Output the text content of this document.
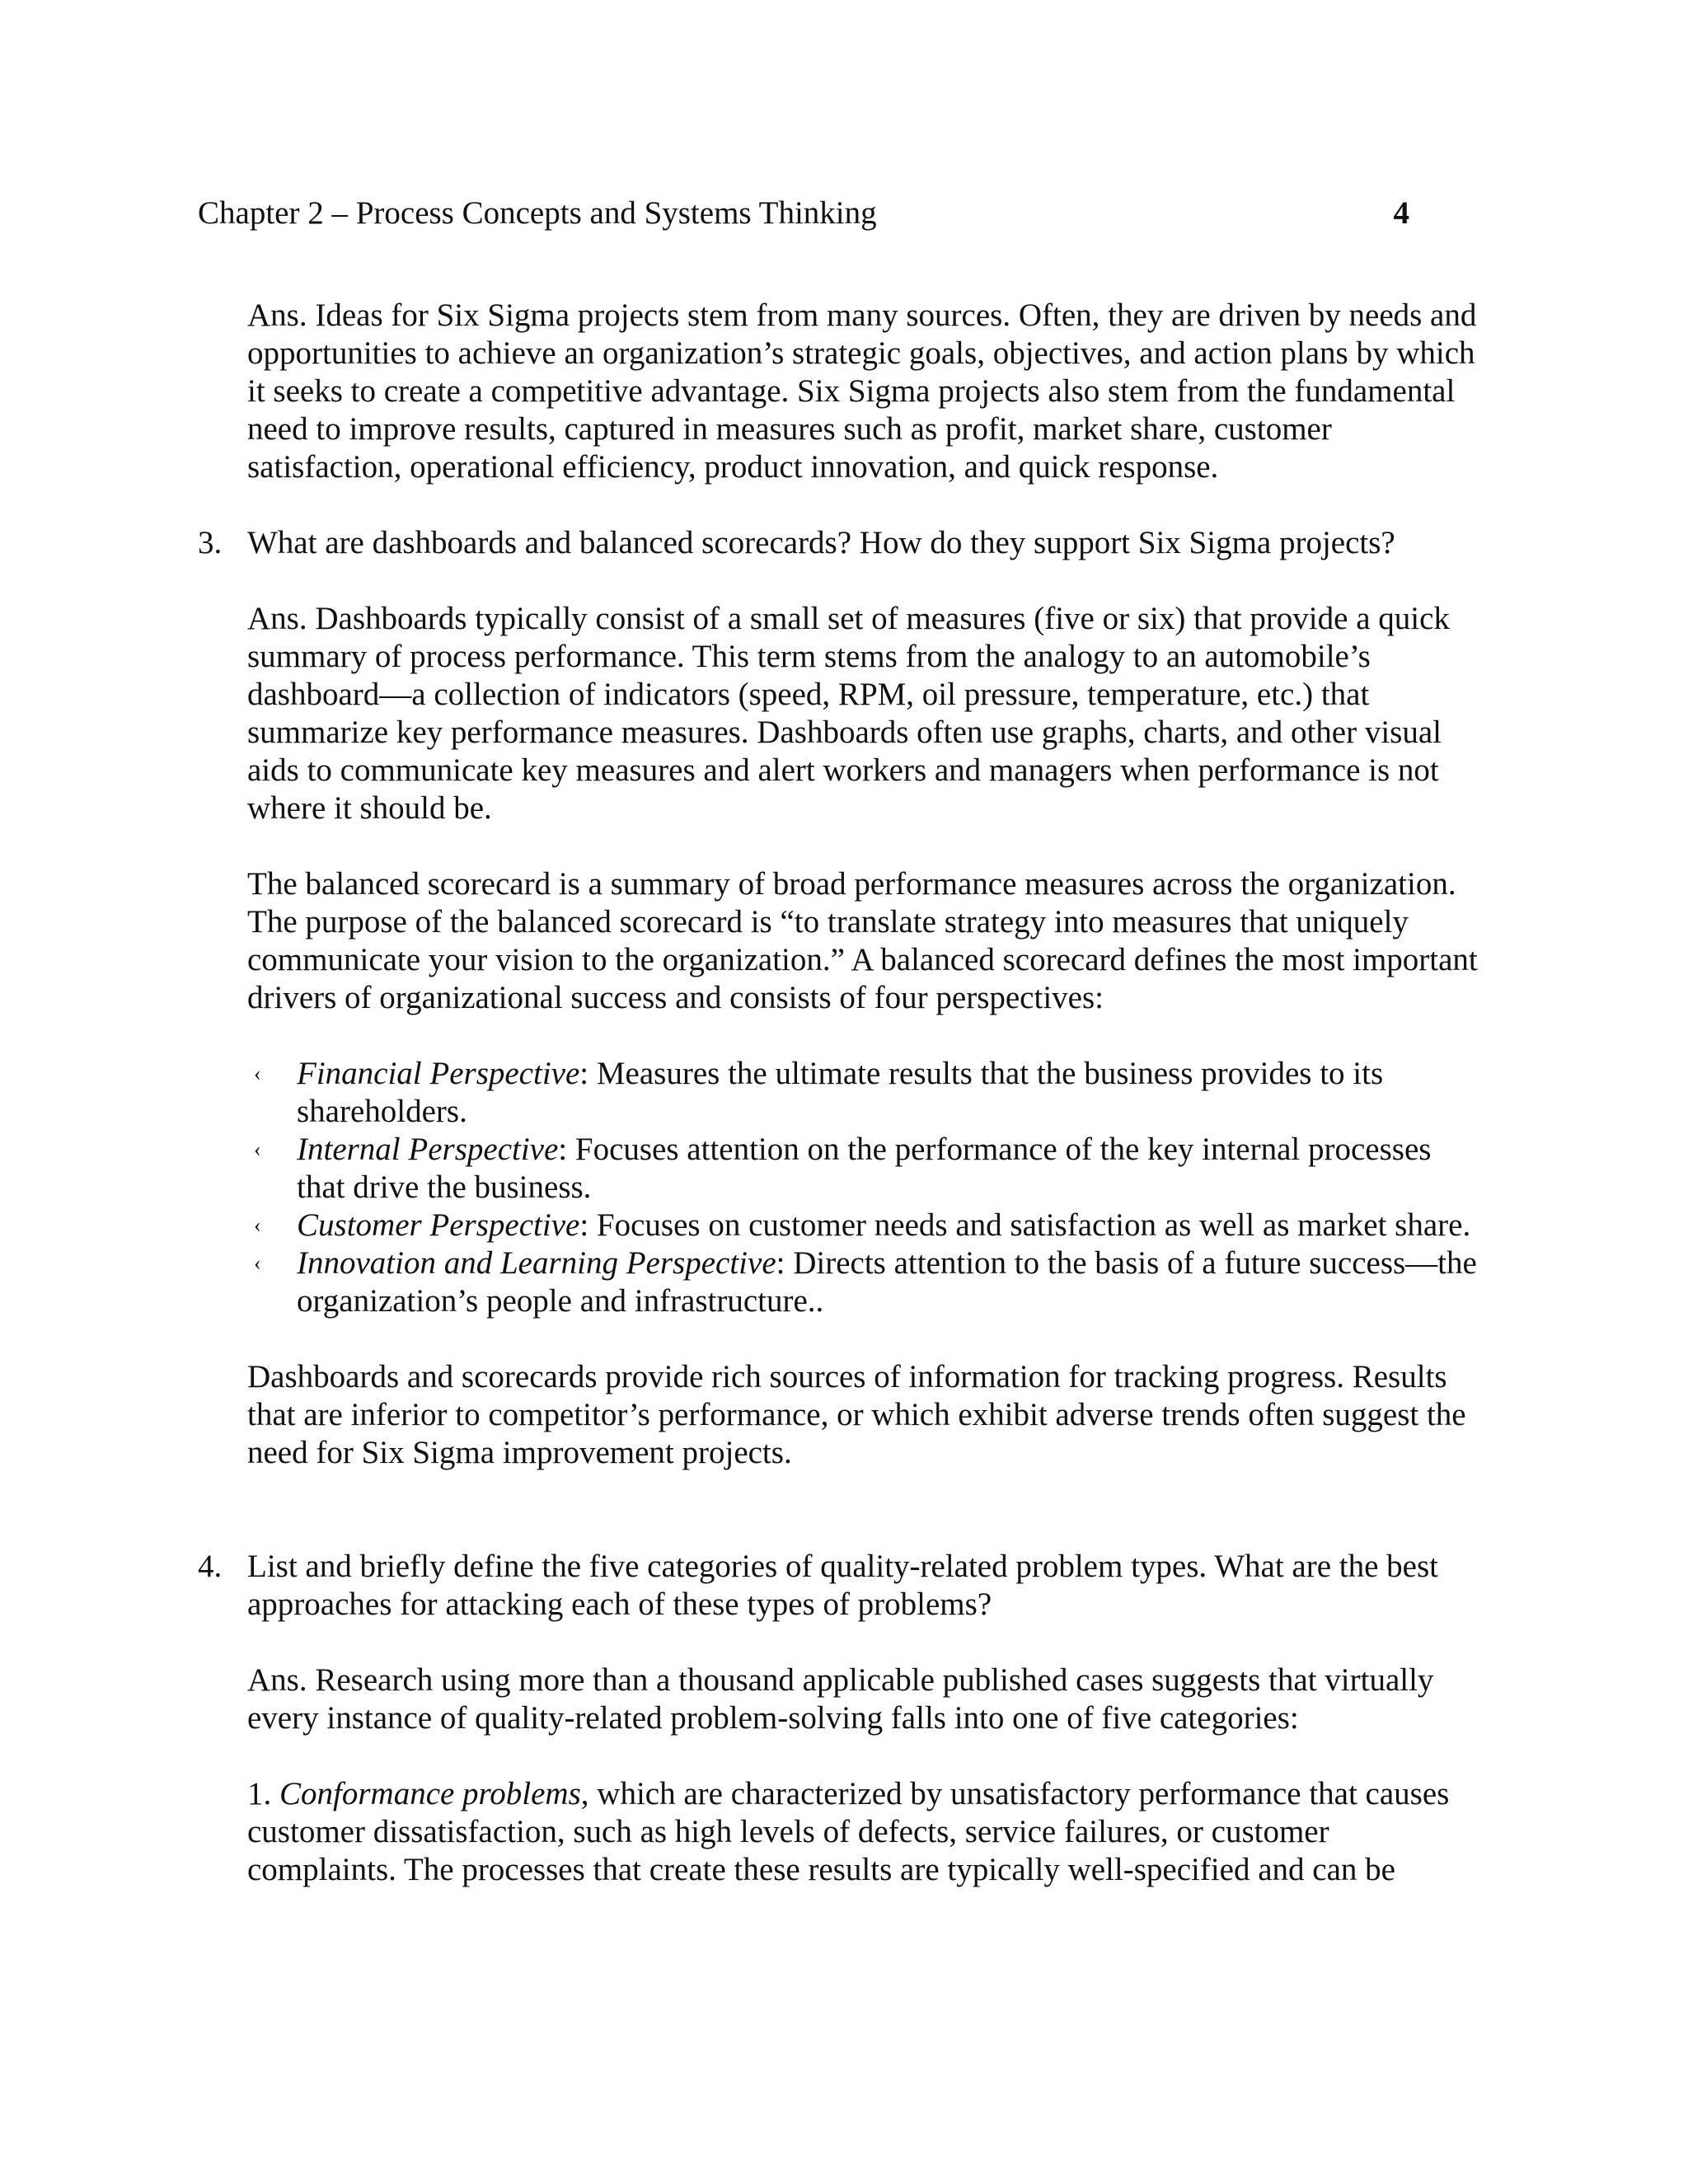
Chapter 2 – Process Concepts and Systems Thinking	4

Ans. Ideas for Six Sigma projects stem from many sources. Often, they are driven by needs and opportunities to achieve an organization’s strategic goals, objectives, and action plans by which it seeks to create a competitive advantage. Six Sigma projects also stem from the fundamental need to improve results, captured in measures such as profit, market share, customer satisfaction, operational efficiency, product innovation, and quick response.

3. What are dashboards and balanced scorecards? How do they support Six Sigma projects?

Ans. Dashboards typically consist of a small set of measures (five or six) that provide a quick summary of process performance. This term stems from the analogy to an automobile’s dashboard—a collection of indicators (speed, RPM, oil pressure, temperature, etc.) that summarize key performance measures. Dashboards often use graphs, charts, and other visual aids to communicate key measures and alert workers and managers when performance is not where it should be.

The balanced scorecard is a summary of broad performance measures across the organization. The purpose of the balanced scorecard is “to translate strategy into measures that uniquely communicate your vision to the organization.” A balanced scorecard defines the most important drivers of organizational success and consists of four perspectives:

‹ Financial Perspective: Measures the ultimate results that the business provides to its shareholders.
‹ Internal Perspective: Focuses attention on the performance of the key internal processes that drive the business.
‹ Customer Perspective: Focuses on customer needs and satisfaction as well as market share.
‹ Innovation and Learning Perspective: Directs attention to the basis of a future success—the organization’s people and infrastructure..

Dashboards and scorecards provide rich sources of information for tracking progress. Results that are inferior to competitor’s performance, or which exhibit adverse trends often suggest the need for Six Sigma improvement projects.

4. List and briefly define the five categories of quality-related problem types. What are the best approaches for attacking each of these types of problems?

Ans. Research using more than a thousand applicable published cases suggests that virtually every instance of quality-related problem-solving falls into one of five categories:

1. Conformance problems, which are characterized by unsatisfactory performance that causes customer dissatisfaction, such as high levels of defects, service failures, or customer complaints. The processes that create these results are typically well-specified and can be
